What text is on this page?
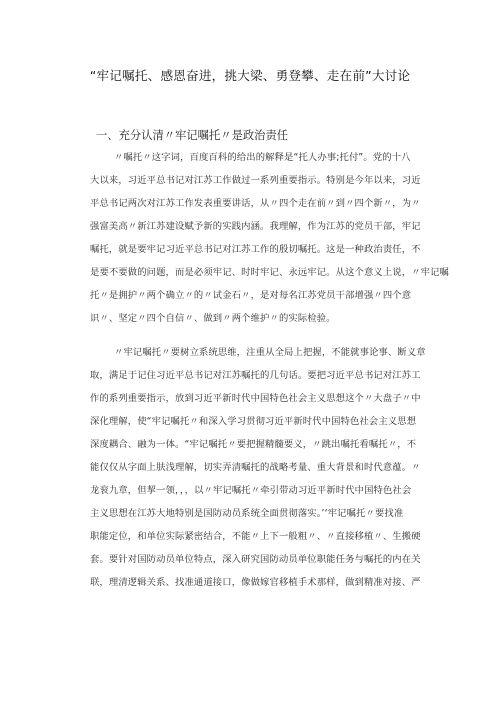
“牢记嘱托、感恩奋进，挑大梁、勇登攀、走在前”大讨论
一、充分认清〃牢记嘱托〃是政治责任
〃嘱托〃这字词，百度百科的给出的解释是“托人办事;托付”。党的十八
大以来，习近平总书记对江苏工作做过一系列重要指示。特别是今年以来，习近
平总书记两次对江苏工作发表重要讲话，从〃四个走在前〃到〃四个新〃，为〃
强富美高〃新江苏建设赋予新的实践内涵。我理解，作为江苏的党员干部，牢记
嘱托，就是要牢记习近平总书记对江苏工作的殷切嘱托。这是一种政治责任，不
是要不要做的问题，而是必须牢记、时时牢记、永远牢记。从这个意义上说，〃牢记嘱
托〃是拥护〃两个确立〃的〃试金石〃，是对每名江苏党员干部增强〃四个意
识〃、坚定〃四个自信〃、做到〃两个维护〃的实际检验。
〃牢记嘱托〃要树立系统思维，注重从全局上把握，不能就事论事、断义章
取，满足于记住习近平总书记对江苏嘱托的几句话。要把习近平总书记对江苏工
作的系列重要指示，放到习近平新时代中国特色社会主义思想这个〃大盘子〃中
深化理解，使“牢记嘱托〃和深入学习贯彻习近平新时代中国特色社会主义思想
深度耦合、融为一体。“牢记嘱托〃要把握精髓要义，〃跳出嘱托看嘱托〃，不
能仅仅从字面上肤浅理解，切实弄清嘱托的战略考量、重大背景和时代意蕴。〃
龙衮九章，但挈一领，，，以〃牢记嘱托〃牵引带动习近平新时代中国特色社会
主义思想在江苏大地特别是国防动员系统全面贯彻落实。’‘牢记嘱托〃要找准
职能定位，和单位实际紧密结合，不能〃上下一般粗〃、〃直接移植〃、生搬硬
套。要针对国防动员单位特点，深入研究国防动员单位职能任务与嘱托的内在关
联，理清逻辑关系、找准通道接口，像做嫁官移植手术那样，做到精准对接、严
